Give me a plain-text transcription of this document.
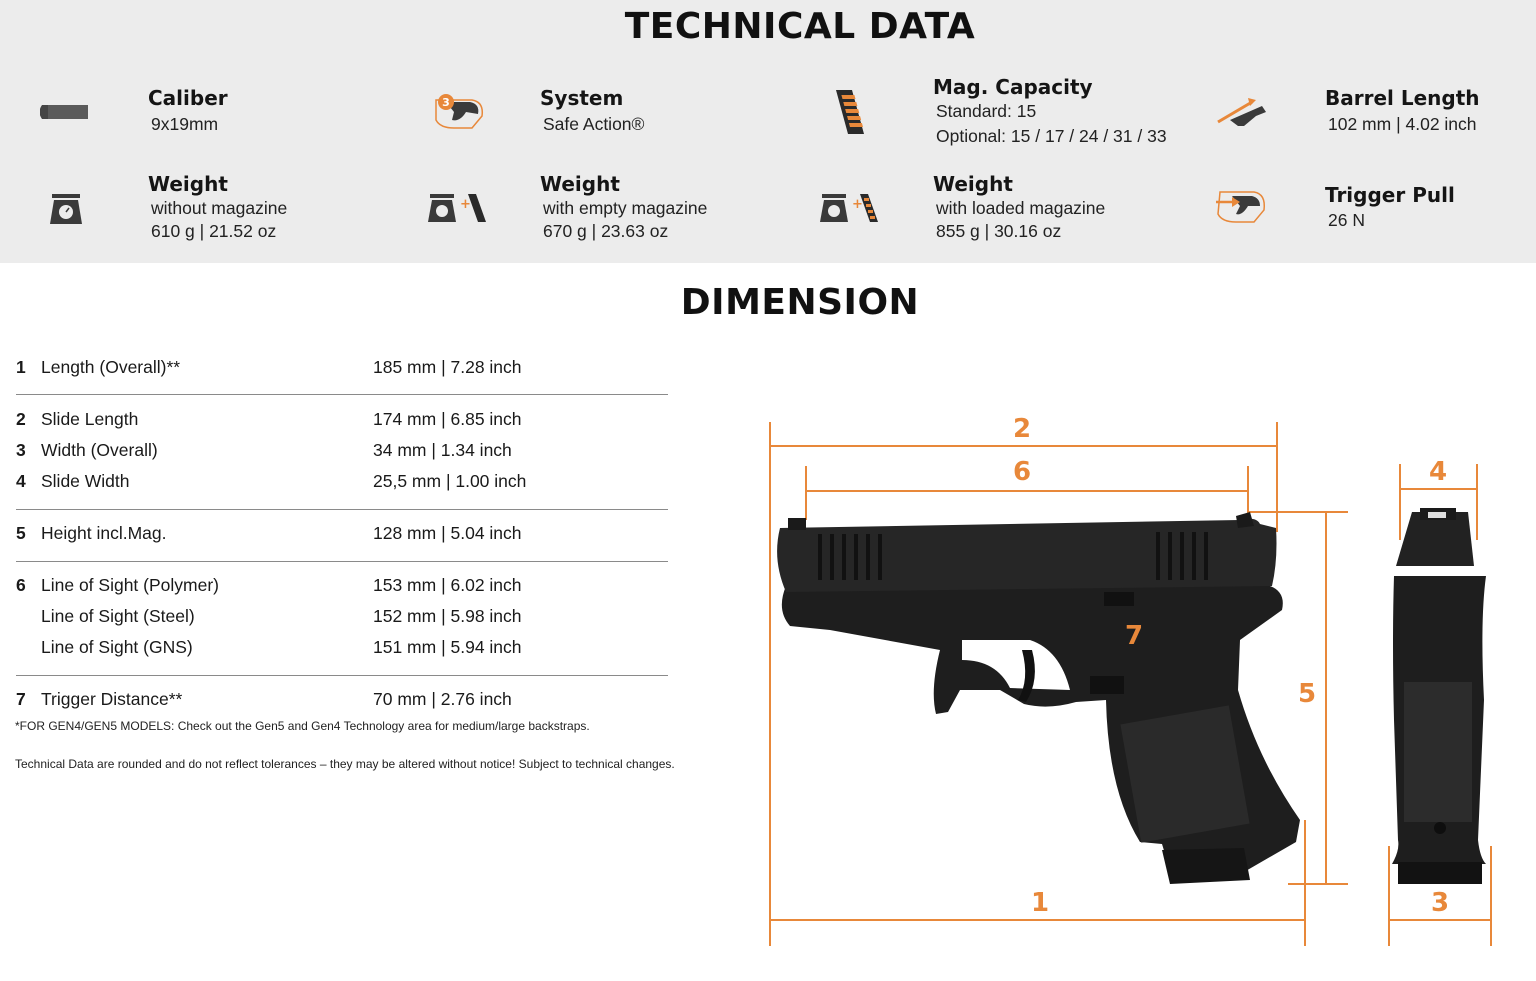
TECHNICAL DATA
Caliber
9x19mm
3	System
Safe Action®
Mag. Capacity
Standard: 15
Optional: 15 / 17 / 24 / 31 / 33
Barrel Length
102 mm | 4.02 inch
Weight
without magazine
610 g | 21.52 oz
+
Weight
with empty magazine
670 g | 23.63 oz
+
Weight
with loaded magazine
855 g | 30.16 oz
Trigger Pull
26 N
DIMENSION
1 Length (Overall)**	185 mm | 7.28 inch
2 Slide Length	174 mm | 6.85 inch
3 Width (Overall)	34 mm | 1.34 inch
4 Slide Width	25,5 mm | 1.00 inch
5 Height incl.Mag.	128 mm | 5.04 inch
6 Line of Sight (Polymer)	153 mm | 6.02 inch
Line of Sight (Steel)	152 mm | 5.98 inch
Line of Sight (GNS)	151 mm | 5.94 inch
7 Trigger Distance**	70 mm | 2.76 inch
*FOR GEN4/GEN5 MODELS: Check out the Gen5 and Gen4 Technology area for medium/large backstraps.
Technical Data are rounded and do not reflect tolerances – they may be altered without notice! Subject to technical changes.
1
2
3
4
5
6
7
